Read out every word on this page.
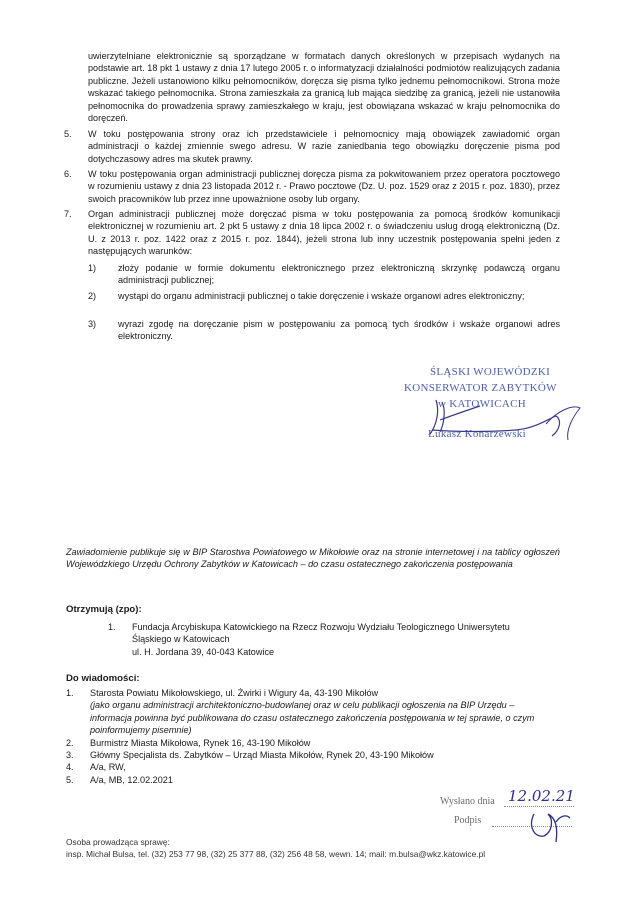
uwierzytelniane elektronicznie są sporządzane w formatach danych określonych w przepisach wydanych na podstawie art. 18 pkt 1 ustawy z dnia 17 lutego 2005 r. o informatyzacji działalności podmiotów realizujących zadania publiczne. Jeżeli ustanowiono kilku pełnomocników, doręcza się pisma tylko jednemu pełnomocnikowi. Strona może wskazać takiego pełnomocnika. Strona zamieszkała za granicą lub mająca siedzibę za granicą, jeżeli nie ustanowiła pełnomocnika do prowadzenia sprawy zamieszkałego w kraju, jest obowiązana wskazać w kraju pełnomocnika do doręczeń.
5.	W toku postępowania strony oraz ich przedstawiciele i pełnomocnicy mają obowiązek zawiadomić organ administracji o każdej zmiennie swego adresu. W razie zaniedbania tego obowiązku doręczenie pisma pod dotychczasowy adres ma skutek prawny.
6.	W toku postępowania organ administracji publicznej doręcza pisma za pokwitowaniem przez operatora pocztowego w rozumieniu ustawy z dnia 23 listopada 2012 r. - Prawo pocztowe (Dz. U. poz. 1529 oraz z 2015 r. poz. 1830), przez swoich pracowników lub przez inne upoważnione osoby lub organy.
7.	Organ administracji publicznej może doręczać pisma w toku postępowania za pomocą środków komunikacji elektronicznej w rozumieniu art. 2 pkt 5 ustawy z dnia 18 lipca 2002 r. o świadczeniu usług drogą elektroniczną (Dz. U. z 2013 r. poz. 1422 oraz z 2015 r. poz. 1844), jeżeli strona lub inny uczestnik postępowania spełni jeden z następujących warunków:
1)	złoży podanie w formie dokumentu elektronicznego przez elektroniczną skrzynkę podawczą organu administracji publicznej;
2)	wystąpi do organu administracji publicznej o takie doręczenie i wskaże organowi adres elektroniczny;
3)	wyrazi zgodę na doręczanie pism w postępowaniu za pomocą tych środków i wskaże organowi adres elektroniczny.
ŚLĄSKI WOJEWÓDZKI
KONSERWATOR ZABYTKÓW
w KATOWICACH
Łukasz Konarzewski
Zawiadomienie publikuje się w BIP Starostwa Powiatowego w Mikołowie oraz na stronie internetowej i na tablicy ogłoszeń Wojewódzkiego Urzędu Ochrony Zabytków w Katowicach – do czasu ostatecznego zakończenia postępowania
Otrzymują (zpo):
1. Fundacja Arcybiskupa Katowickiego na Rzecz Rozwoju Wydziału Teologicznego Uniwersytetu
Śląskiego w Katowicach
ul. H. Jordana 39, 40-043 Katowice
Do wiadomości:
1.	Starosta Powiatu Mikołowskiego, ul. Żwirki i Wigury 4a, 43-190 Mikołów
(jako organu administracji architektoniczno-budowlanej oraz w celu publikacji ogłoszenia na BIP Urzędu – informacja powinna być publikowana do czasu ostatecznego zakończenia postępowania w tej sprawie, o czym poinformujemy pisemnie)
2.	Burmistrz Miasta Mikołowa, Rynek 16, 43-190 Mikołów
3.	Główny Specjalista ds. Zabytków – Urząd Miasta Mikołów, Rynek 20, 43-190 Mikołów
4.	A/a, RW,
5.	A/a, MB, 12.02.2021
Wysłano dnia 12.02.21
Podpis
Osoba prowadząca sprawę:
insp. Michał Bulsa, tel. (32) 253 77 98, (32) 25 377 88, (32) 256 48 58, wewn. 14; mail: m.bulsa@wkz.katowice.pl
